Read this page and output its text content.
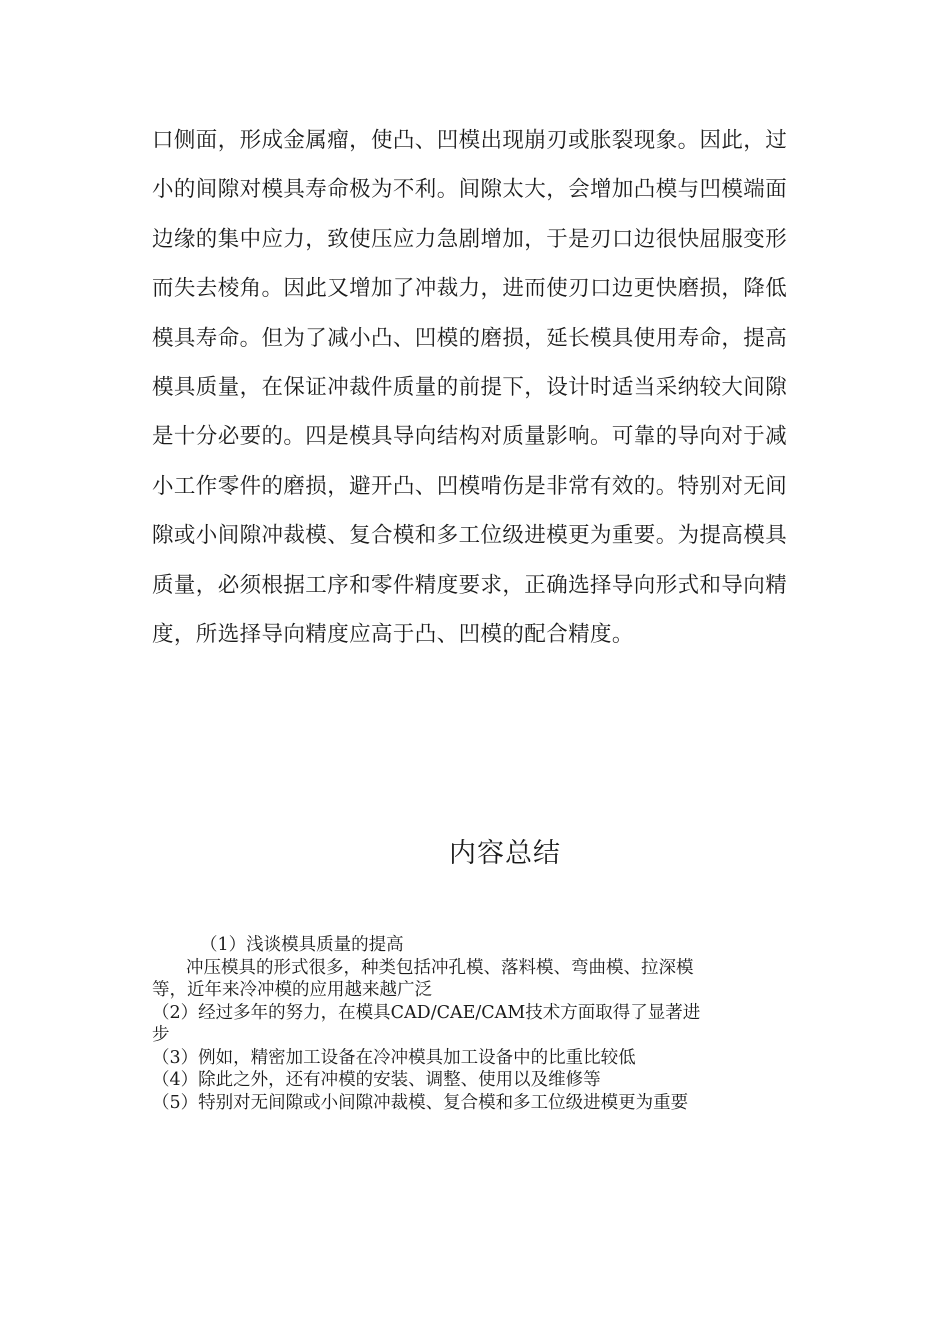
口侧面，形成金属瘤，使凸、凹模出现崩刃或胀裂现象。因此，过
小的间隙对模具寿命极为不利。间隙太大，会增加凸模与凹模端面
边缘的集中应力，致使压应力急剧增加，于是刃口边很快屈服变形
而失去棱角。因此又增加了冲裁力，进而使刃口边更快磨损，降低
模具寿命。但为了减小凸、凹模的磨损，延长模具使用寿命，提高
模具质量，在保证冲裁件质量的前提下，设计时适当采纳较大间隙
是十分必要的。四是模具导向结构对质量影响。可靠的导向对于减
小工作零件的磨损，避开凸、凹模啃伤是非常有效的。特别对无间
隙或小间隙冲裁模、复合模和多工位级进模更为重要。为提高模具
质量，必须根据工序和零件精度要求，正确选择导向形式和导向精
度，所选择导向精度应高于凸、凹模的配合精度。
内容总结
（1）浅谈模具质量的提高
冲压模具的形式很多，种类包括冲孔模、落料模、弯曲模、拉深模
等，近年来冷冲模的应用越来越广泛
（2）经过多年的努力，在模具CAD/CAE/CAM技术方面取得了显著进
步
（3）例如，精密加工设备在冷冲模具加工设备中的比重比较低
（4）除此之外，还有冲模的安装、调整、使用以及维修等
（5）特别对无间隙或小间隙冲裁模、复合模和多工位级进模更为重要
